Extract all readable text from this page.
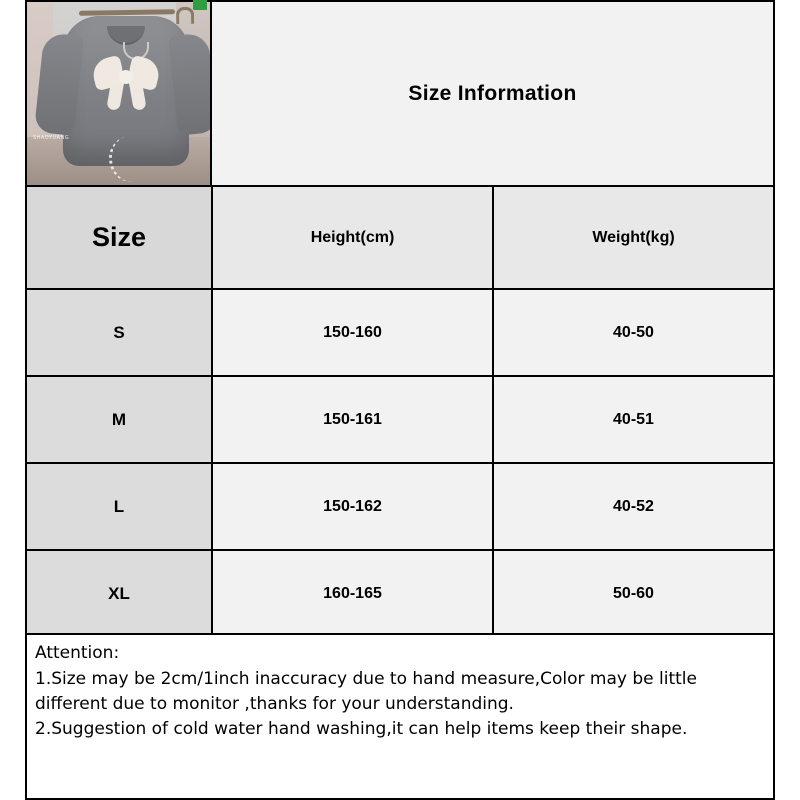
SHAOYUANG
Size Information
Size	Height(cm)	Weight(kg)
S	150-160	40-50
M	150-161	40-51
L	150-162	40-52
XL	160-165	50-60

Attention:

1.Size may be 2cm/1inch inaccuracy due to hand measure,Color may be little

different due to monitor ,thanks for your understanding.

2.Suggestion of cold water hand washing,it can help items keep their shape.
